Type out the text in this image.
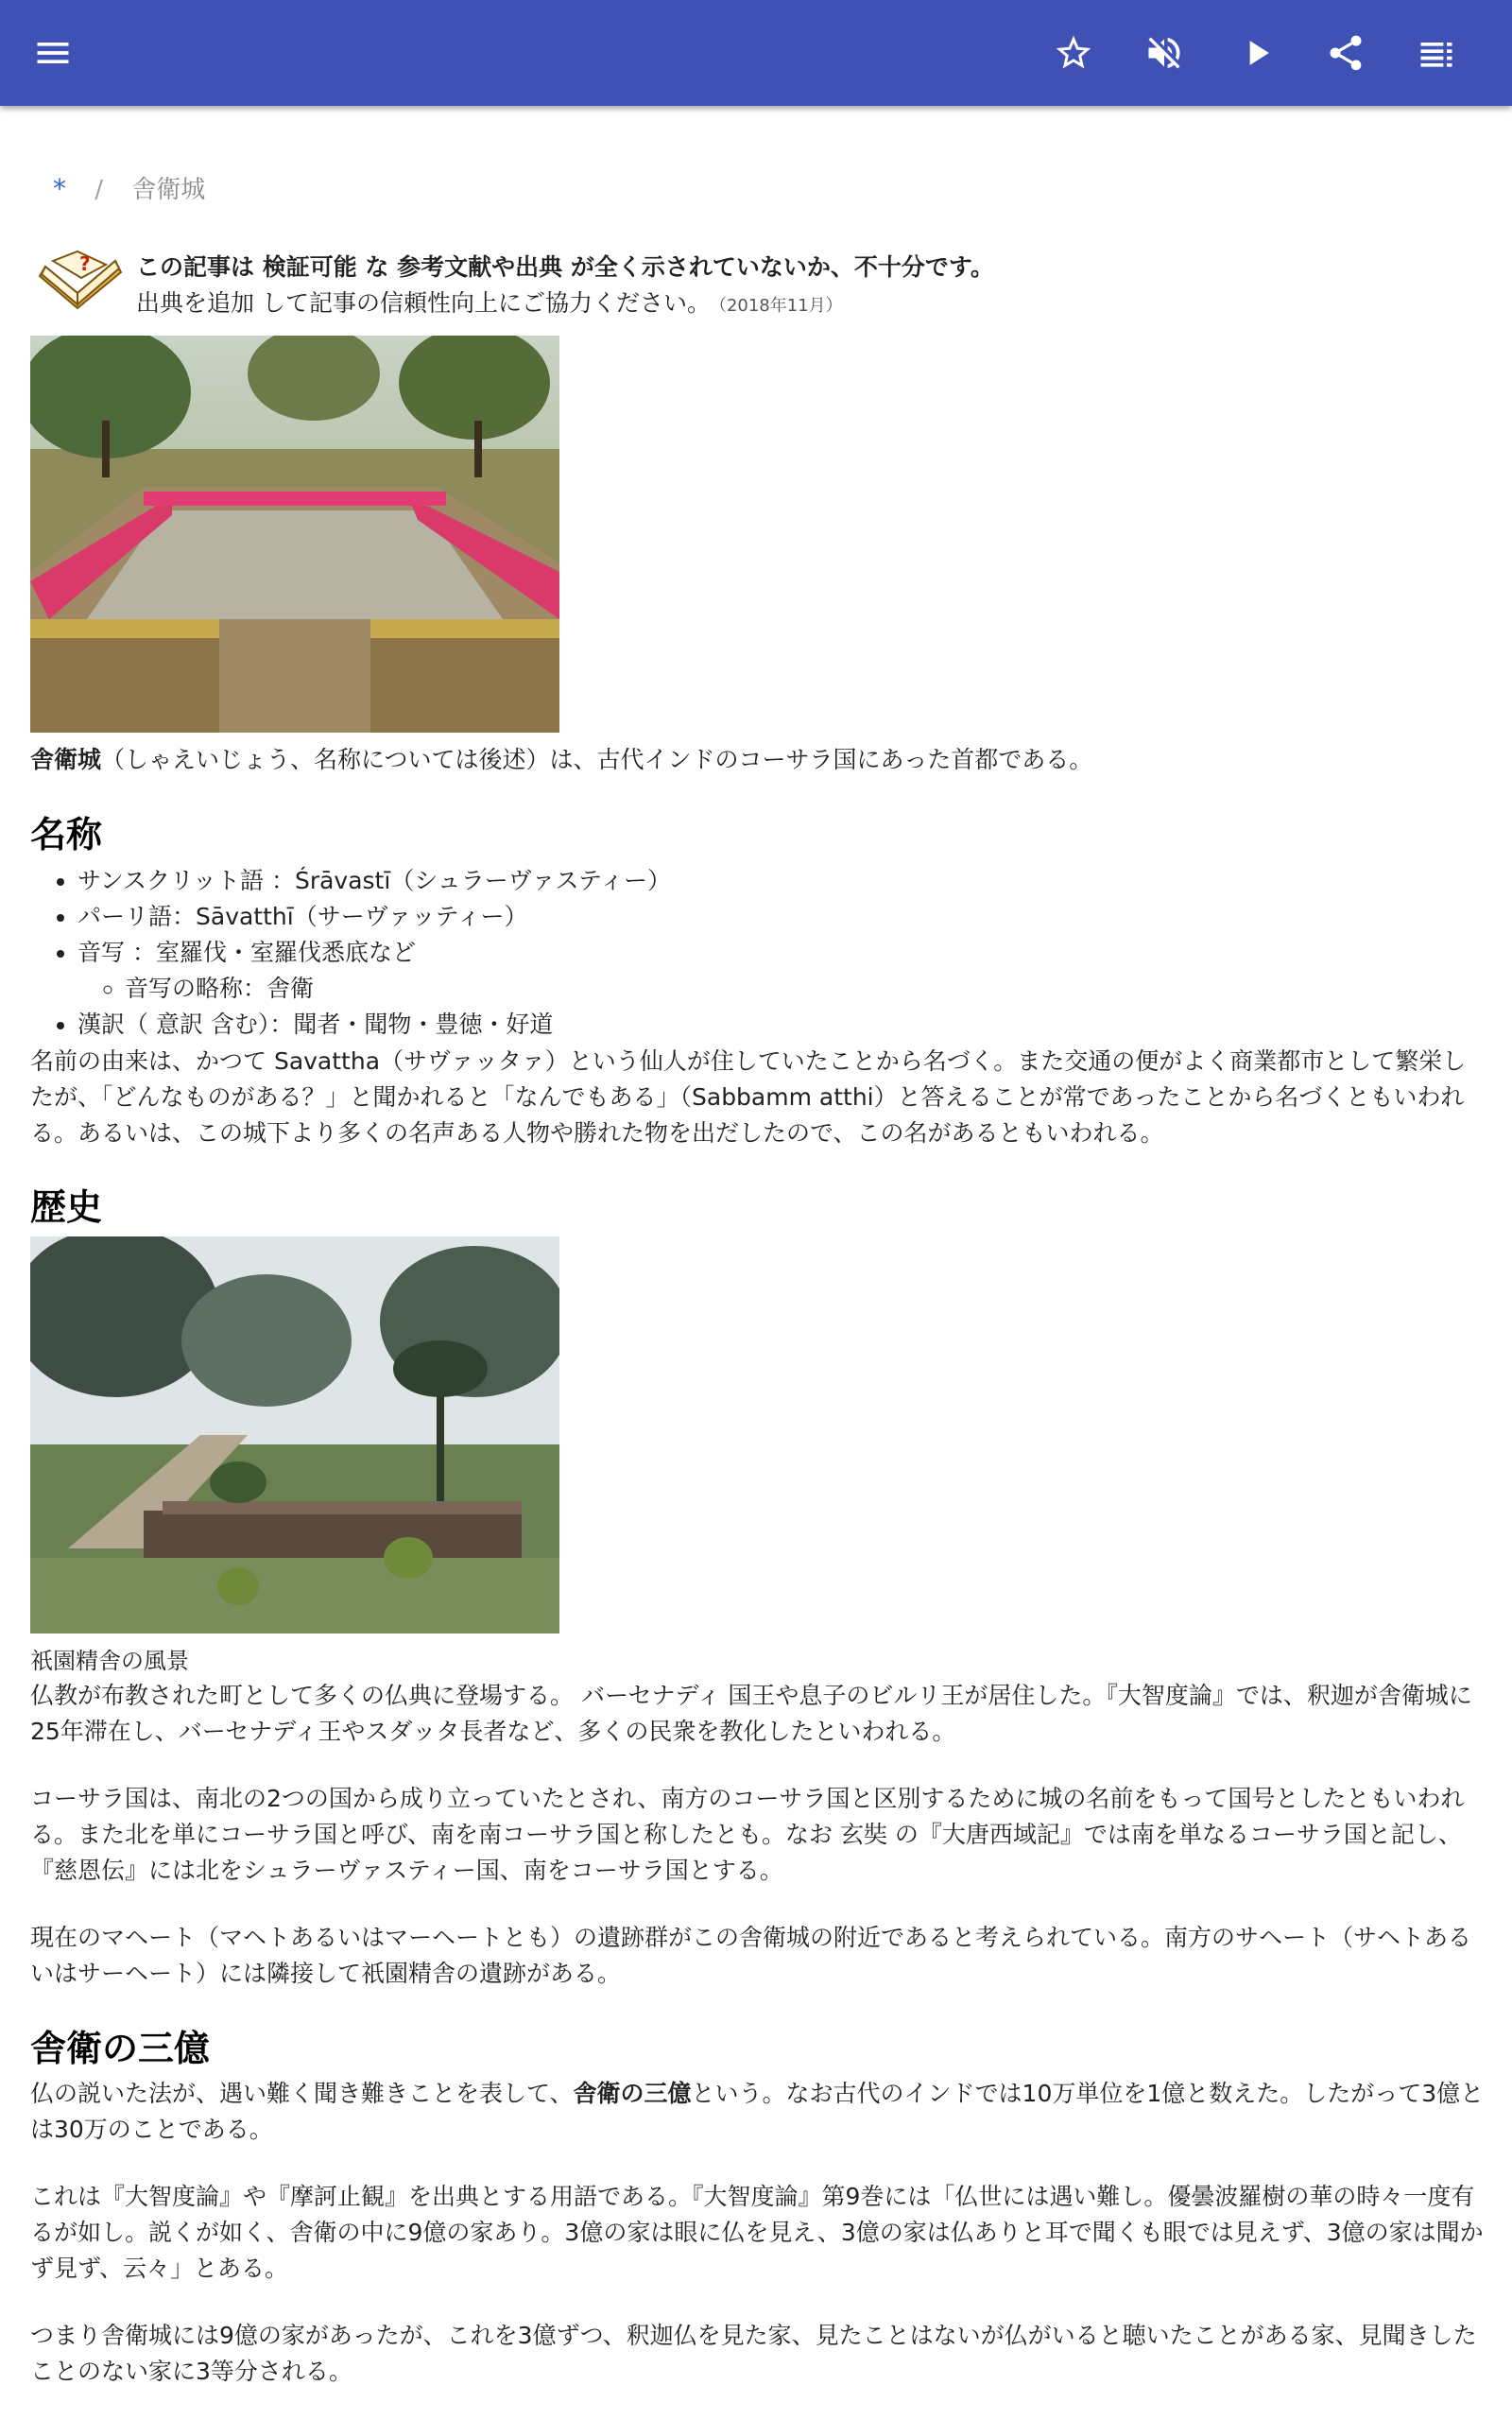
* / 舎衛城
? この記事は 検証可能 な 参考文献や出典 が全く示されていないか、不十分です。
出典を追加 して記事の信頼性向上にご協力ください。 （2018年11月）
舎衛城（しゃえいじょう、名称については後述）は、古代インドのコーサラ国にあった首都である。
名称
• サンスクリット語 ：Śrāvastī（シュラーヴァスティー）
• パーリ語：Sāvatthī（サーヴァッティー）
• 音写 ：室羅伐・室羅伐悉底など
◦ 音写の略称：舎衛
• 漢訳（ 意訳 含む）：聞者・聞物・豊徳・好道
名前の由来は、かつて Savattha（サヴァッタァ）という仙人が住していたことから名づく。また交通の便がよく商業都市として繁栄したが、「どんなものがある？」と聞かれると「なんでもある」（Sabbamm atthi）と答えることが常であったことから名づくともいわれる。あるいは、この城下より多くの名声ある人物や勝れた物を出だしたので、この名があるともいわれる。
歴史
祇園精舎の風景
仏教が布教された町として多くの仏典に登場する。 バーセナディ 国王や息子のビルリ王が居住した。『大智度論』では、釈迦が舎衛城に25年滞在し、バーセナディ王やスダッタ長者など、多くの民衆を教化したといわれる。
コーサラ国は、南北の2つの国から成り立っていたとされ、南方のコーサラ国と区別するために城の名前をもって国号としたともいわれる。また北を単にコーサラ国と呼び、南を南コーサラ国と称したとも。なお 玄奘 の『大唐西域記』では南を単なるコーサラ国と記し、『慈恩伝』には北をシュラーヴァスティー国、南をコーサラ国とする。
現在のマヘート（マヘトあるいはマーヘートとも）の遺跡群がこの舎衛城の附近であると考えられている。南方のサヘート（サヘトあるいはサーヘート）には隣接して祇園精舎の遺跡がある。
舎衛の三億
仏の説いた法が、遇い難く聞き難きことを表して、舎衛の三億という。なお古代のインドでは10万単位を1億と数えた。したがって3億とは30万のことである。
これは『大智度論』や『摩訶止観』を出典とする用語である。『大智度論』第9巻には「仏世には遇い難し。優曇波羅樹の華の時々一度有るが如し。説くが如く、舎衛の中に9億の家あり。3億の家は眼に仏を見え、3億の家は仏ありと耳で聞くも眼では見えず、3億の家は聞かず見ず、云々」とある。
つまり舎衛城には9億の家があったが、これを3億ずつ、釈迦仏を見た家、見たことはないが仏がいると聴いたことがある家、見聞きしたことのない家に3等分される。
